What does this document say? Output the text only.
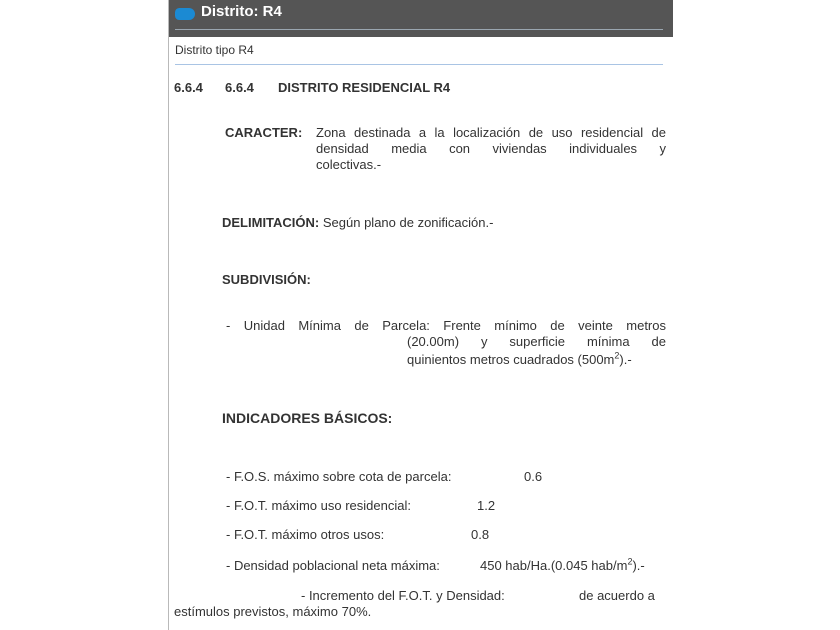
Distrito: R4
Distrito tipo R4
6.6.4 6.6.4 DISTRITO RESIDENCIAL R4
CARACTER: Zona destinada a la localización de uso residencial de
densidad media con viviendas individuales y
colectivas.-
DELIMITACIÓN: Según plano de zonificación.-
SUBDIVISIÓN:
- Unidad Mínima de Parcela: Frente mínimo de veinte metros
(20.00m) y superficie mínima de
quinientos metros cuadrados $(500m^2).-$
INDICADORES BÁSICOS:
- F.O.S. máximo sobre cota de parcela:	0.6
- F.O.T. máximo uso residencial:	1.2
- F.O.T. máximo otros usos:	0.8
- Densidad poblacional neta máxima:	450 hab/Ha.(0.045 hab/$m^2).-$
- Incremento del F.O.T. y Densidad:	de acuerdo a
estímulos previstos, máximo 70%.
